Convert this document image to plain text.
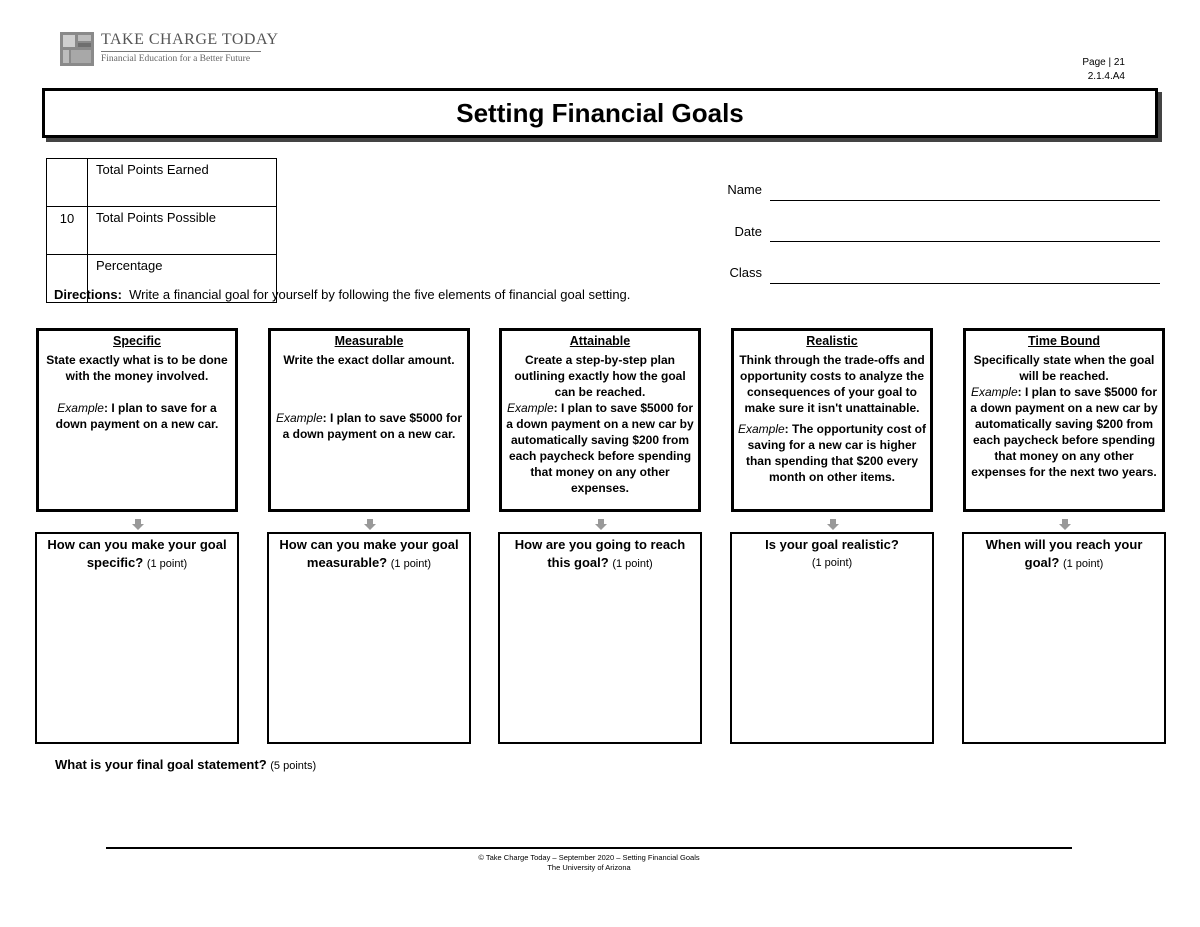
TAKE CHARGE TODAY
Financial Education for a Better Future	Page | 21
2.1.4.A4
Setting Financial Goals
	Total Points Earned
10	Total Points Possible
	Percentage
Name
Date
Class
Directions: Write a financial goal for yourself by following the five elements of financial goal setting.
Specific
State exactly what is to be done with the money involved.
Example: I plan to save for a down payment on a new car.
How can you make your goal specific? (1 point)
Measurable
Write the exact dollar amount.
Example: I plan to save $5000 for a down payment on a new car.
How can you make your goal measurable? (1 point)
Attainable
Create a step-by-step plan outlining exactly how the goal can be reached.
Example: I plan to save $5000 for a down payment on a new car by automatically saving $200 from each paycheck before spending that money on any other expenses.
How are you going to reach this goal? (1 point)
Realistic
Think through the trade-offs and opportunity costs to analyze the consequences of your goal to make sure it isn't unattainable.
Example: The opportunity cost of saving for a new car is higher than spending that $200 every month on other items.
Is your goal realistic?
(1 point)
Time Bound
Specifically state when the goal will be reached.
Example: I plan to save $5000 for a down payment on a new car by automatically saving $200 from each paycheck before spending that money on any other expenses for the next two years.
When will you reach your goal? (1 point)
What is your final goal statement? (5 points)
© Take Charge Today – September 2020 – Setting Financial Goals
The University of Arizona
